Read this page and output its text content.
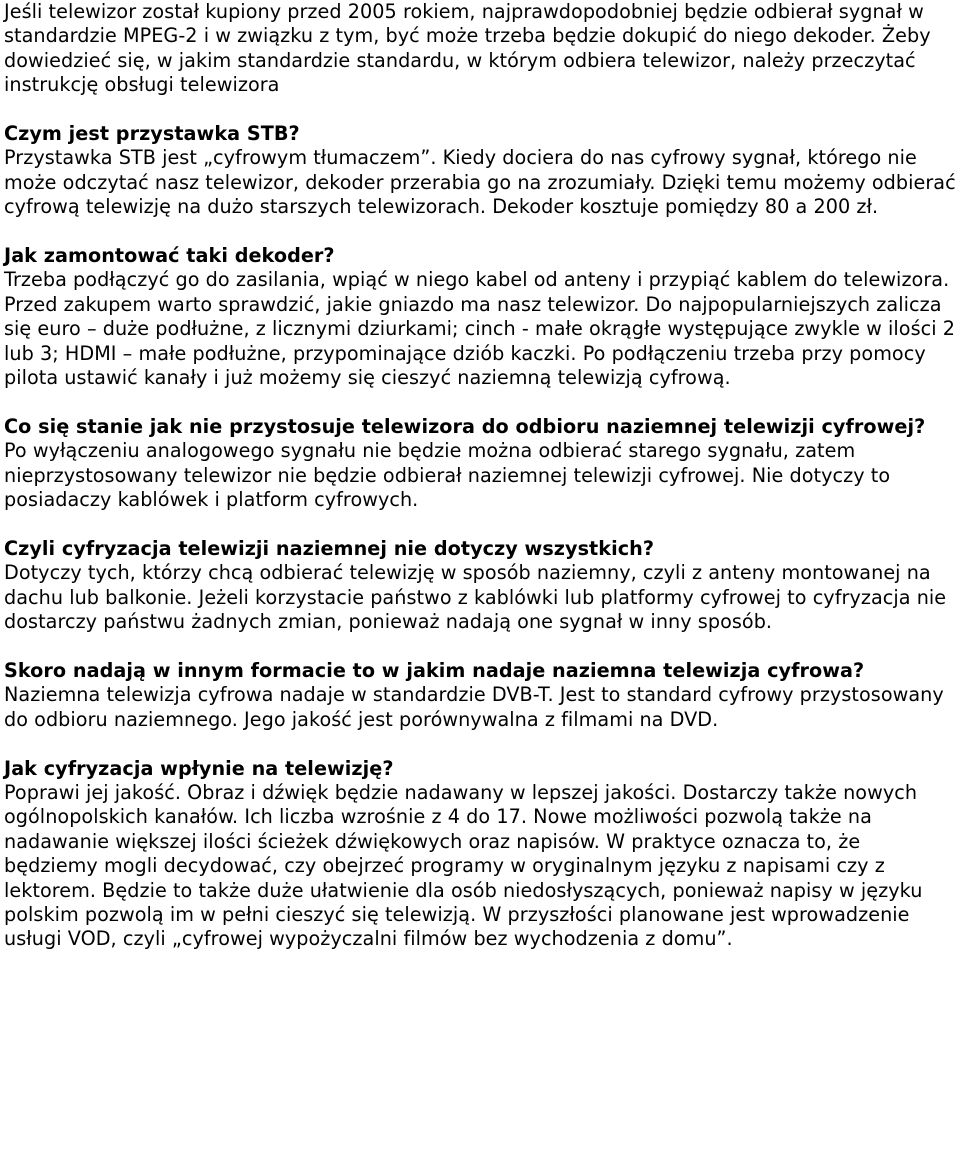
Jeśli telewizor został kupiony przed 2005 rokiem, najprawdopodobniej będzie odbierał sygnał w standardzie MPEG-2 i w związku z tym, być może trzeba będzie dokupić do niego dekoder. Żeby dowiedzieć się, w jakim standardzie standardu, w którym odbiera telewizor, należy przeczytać instrukcję obsługi telewizora

Czym jest przystawka STB?

Przystawka STB jest „cyfrowym tłumaczem”. Kiedy dociera do nas cyfrowy sygnał, którego nie może odczytać nasz telewizor, dekoder przerabia go na zrozumiały. Dzięki temu możemy odbierać cyfrową telewizję na dużo starszych telewizorach. Dekoder kosztuje pomiędzy 80 a 200 zł.

Jak zamontować taki dekoder?

Trzeba podłączyć go do zasilania, wpiąć w niego kabel od anteny i przypiąć kablem do telewizora. Przed zakupem warto sprawdzić, jakie gniazdo ma nasz telewizor. Do najpopularniejszych zalicza się euro – duże podłużne, z licznymi dziurkami; cinch - małe okrągłe występujące zwykle w ilości 2 lub 3; HDMI – małe podłużne, przypominające dziób kaczki. Po podłączeniu trzeba przy pomocy pilota ustawić kanały i już możemy się cieszyć naziemną telewizją cyfrową.

Co się stanie jak nie przystosuje telewizora do odbioru naziemnej telewizji cyfrowej?

Po wyłączeniu analogowego sygnału nie będzie można odbierać starego sygnału, zatem nieprzystosowany telewizor nie będzie odbierał naziemnej telewizji cyfrowej. Nie dotyczy to posiadaczy kablówek i platform cyfrowych.

Czyli cyfryzacja telewizji naziemnej nie dotyczy wszystkich?

Dotyczy tych, którzy chcą odbierać telewizję w sposób naziemny, czyli z anteny montowanej na dachu lub balkonie. Jeżeli korzystacie państwo z kablówki lub platformy cyfrowej to cyfryzacja nie dostarczy państwu żadnych zmian, ponieważ nadają one sygnał w inny sposób.

Skoro nadają w innym formacie to w jakim nadaje naziemna telewizja cyfrowa?

Naziemna telewizja cyfrowa nadaje w standardzie DVB-T. Jest to standard cyfrowy przystosowany do odbioru naziemnego. Jego jakość jest porównywalna z filmami na DVD.

Jak cyfryzacja wpłynie na telewizję?

Poprawi jej jakość. Obraz i dźwięk będzie nadawany w lepszej jakości. Dostarczy także nowych ogólnopolskich kanałów. Ich liczba wzrośnie z 4 do 17. Nowe możliwości pozwolą także na nadawanie większej ilości ścieżek dźwiękowych oraz napisów. W praktyce oznacza to, że będziemy mogli decydować, czy obejrzeć programy w oryginalnym języku z napisami czy z lektorem. Będzie to także duże ułatwienie dla osób niedosłyszących, ponieważ napisy w języku polskim pozwolą im w pełni cieszyć się telewizją. W przyszłości planowane jest wprowadzenie usługi VOD, czyli „cyfrowej wypożyczalni filmów bez wychodzenia z domu”.
